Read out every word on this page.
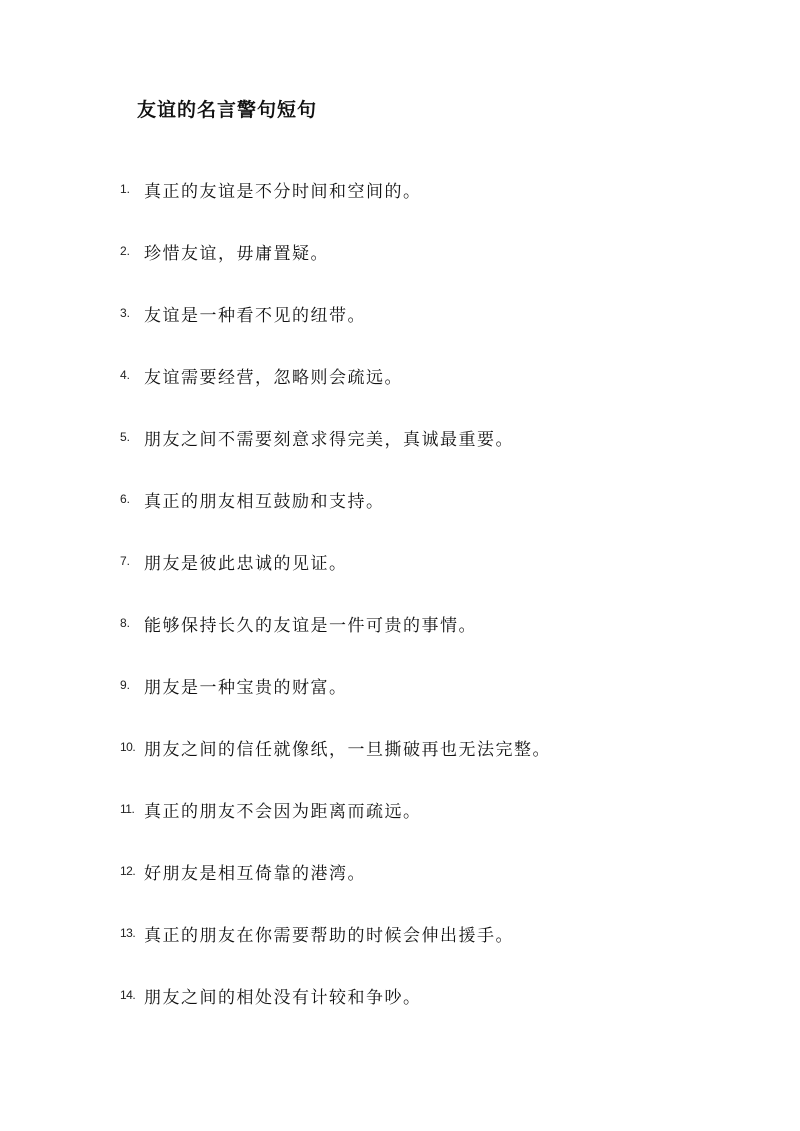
友谊的名言警句短句
1. 真正的友谊是不分时间和空间的。
2. 珍惜友谊，毋庸置疑。
3. 友谊是一种看不见的纽带。
4. 友谊需要经营，忽略则会疏远。
5. 朋友之间不需要刻意求得完美，真诚最重要。
6. 真正的朋友相互鼓励和支持。
7. 朋友是彼此忠诚的见证。
8. 能够保持长久的友谊是一件可贵的事情。
9. 朋友是一种宝贵的财富。
10. 朋友之间的信任就像纸，一旦撕破再也无法完整。
11. 真正的朋友不会因为距离而疏远。
12. 好朋友是相互倚靠的港湾。
13. 真正的朋友在你需要帮助的时候会伸出援手。
14. 朋友之间的相处没有计较和争吵。
